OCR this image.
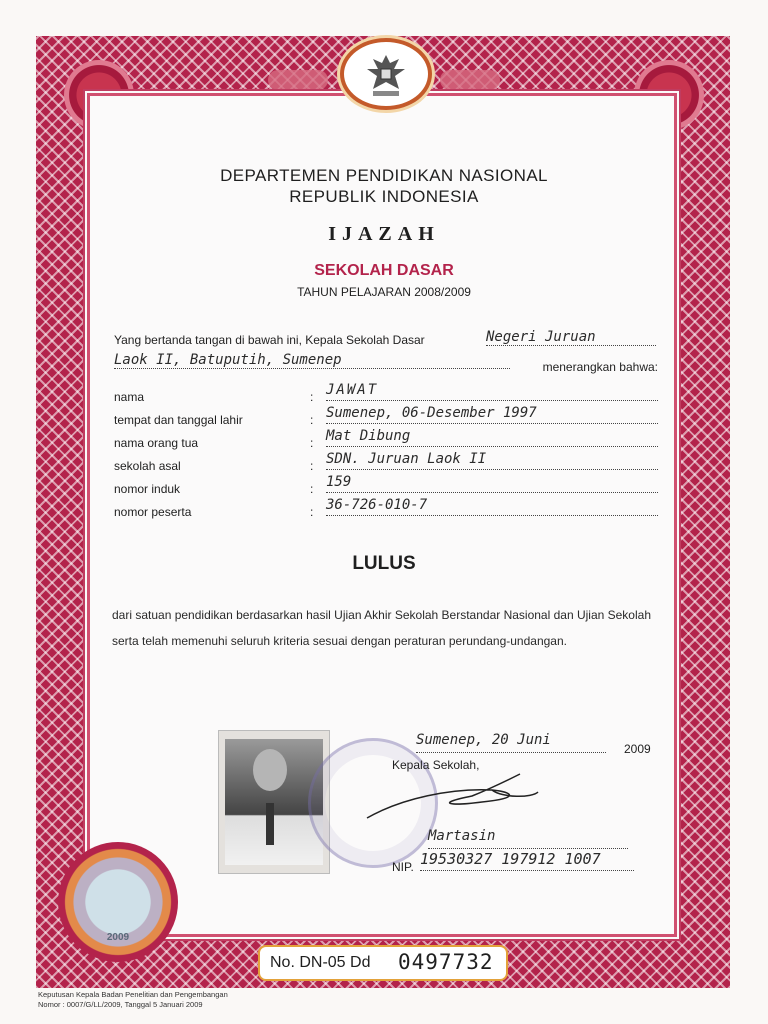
DEPARTEMEN PENDIDIKAN NASIONAL
REPUBLIK INDONESIA
IJAZAH
SEKOLAH DASAR
TAHUN PELAJARAN 2008/2009
Yang bertanda tangan di bawah ini, Kepala Sekolah Dasar	Negeri Juruan
Laok II, Batuputih, Sumenep	menerangkan bahwa:
nama	: JAWAT
tempat dan tanggal lahir	: Sumenep, 06-Desember 1997
nama orang tua	: Mat Dibung
sekolah asal	: SDN. Juruan Laok II
nomor induk	: 159
nomor peserta	: 36-726-010-7
LULUS
dari satuan pendidikan berdasarkan hasil Ujian Akhir Sekolah Berstandar Nasional dan Ujian Sekolah serta telah memenuhi seluruh kriteria sesuai dengan peraturan perundang-undangan.
Sumenep, 20 Juni
2009
Kepala Sekolah,
Martasin
NIP. 19530327 197912 1007
2009
No. DN-05 Dd 0497732
Keputusan Kepala Badan Penelitian dan Pengembangan
Nomor : 0007/G/LL/2009, Tanggal 5 Januari 2009
